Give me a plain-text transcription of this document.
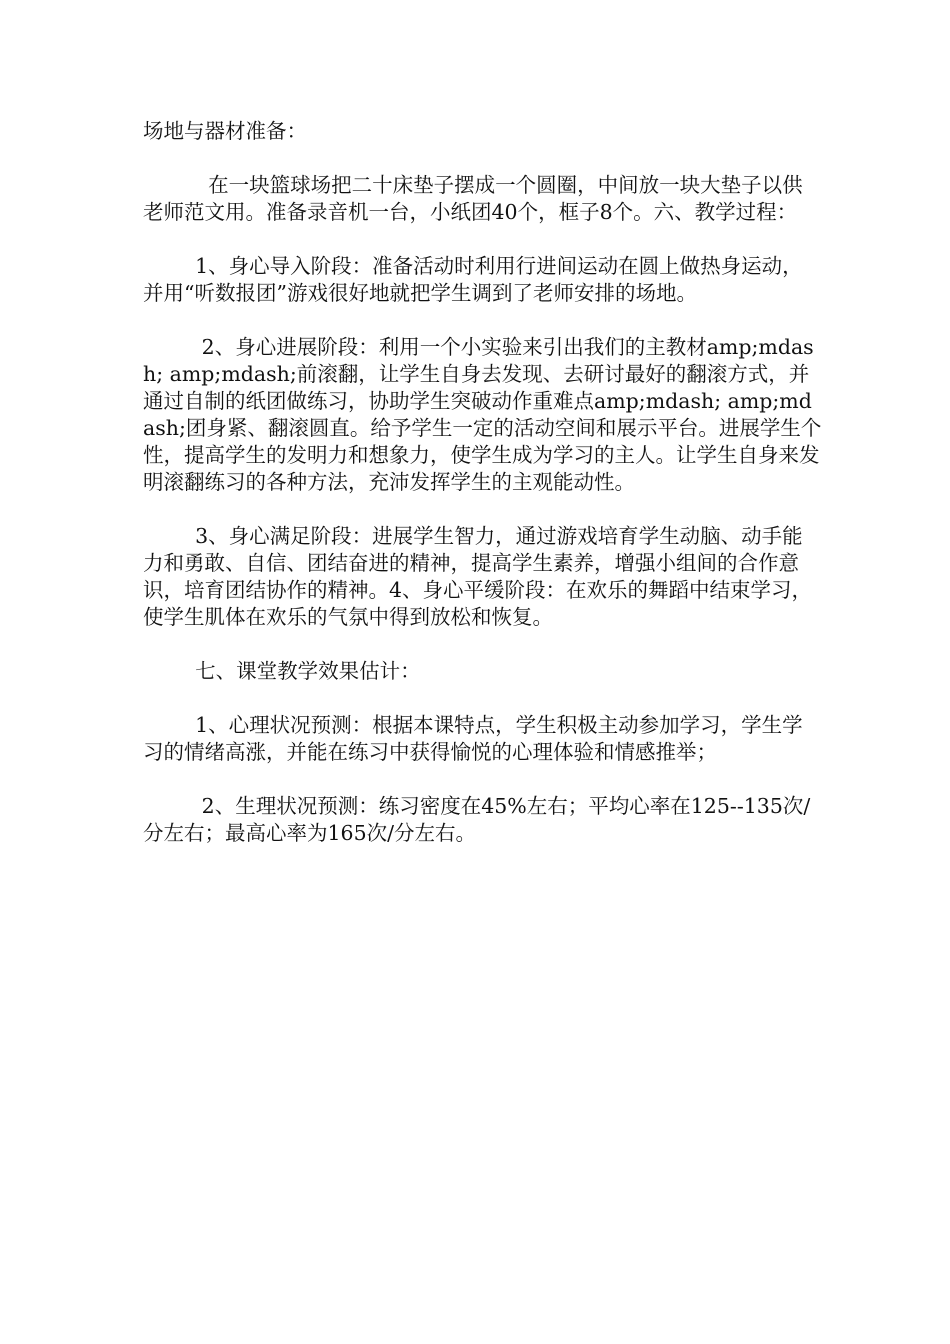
场地与器材准备：

在一块篮球场把二十床垫子摆成一个圆圈，中间放一块大垫子以供老师范文用。准备录音机一台，小纸团40个，框子8个。六、教学过程：

1、身心导入阶段：准备活动时利用行进间运动在圆上做热身运动，并用“听数报团”游戏很好地就把学生调到了老师安排的场地。

2、身心进展阶段：利用一个小实验来引出我们的主教材amp;mdash; amp;mdash;前滚翻，让学生自身去发现、去研讨最好的翻滚方式，并通过自制的纸团做练习，协助学生突破动作重难点amp;mdash; amp;mdash;团身紧、翻滚圆直。给予学生一定的活动空间和展示平台。进展学生个性，提高学生的发明力和想象力，使学生成为学习的主人。让学生自身来发明滚翻练习的各种方法，充沛发挥学生的主观能动性。

3、身心满足阶段：进展学生智力，通过游戏培育学生动脑、动手能力和勇敢、自信、团结奋进的精神，提高学生素养，增强小组间的合作意识，培育团结协作的精神。4、身心平缓阶段：在欢乐的舞蹈中结束学习，使学生肌体在欢乐的气氛中得到放松和恢复。

七、课堂教学效果估计：

1、心理状况预测：根据本课特点，学生积极主动参加学习，学生学习的情绪高涨，并能在练习中获得愉悦的心理体验和情感推举；

2、生理状况预测：练习密度在45%左右；平均心率在125--135次/分左右；最高心率为165次/分左右。
